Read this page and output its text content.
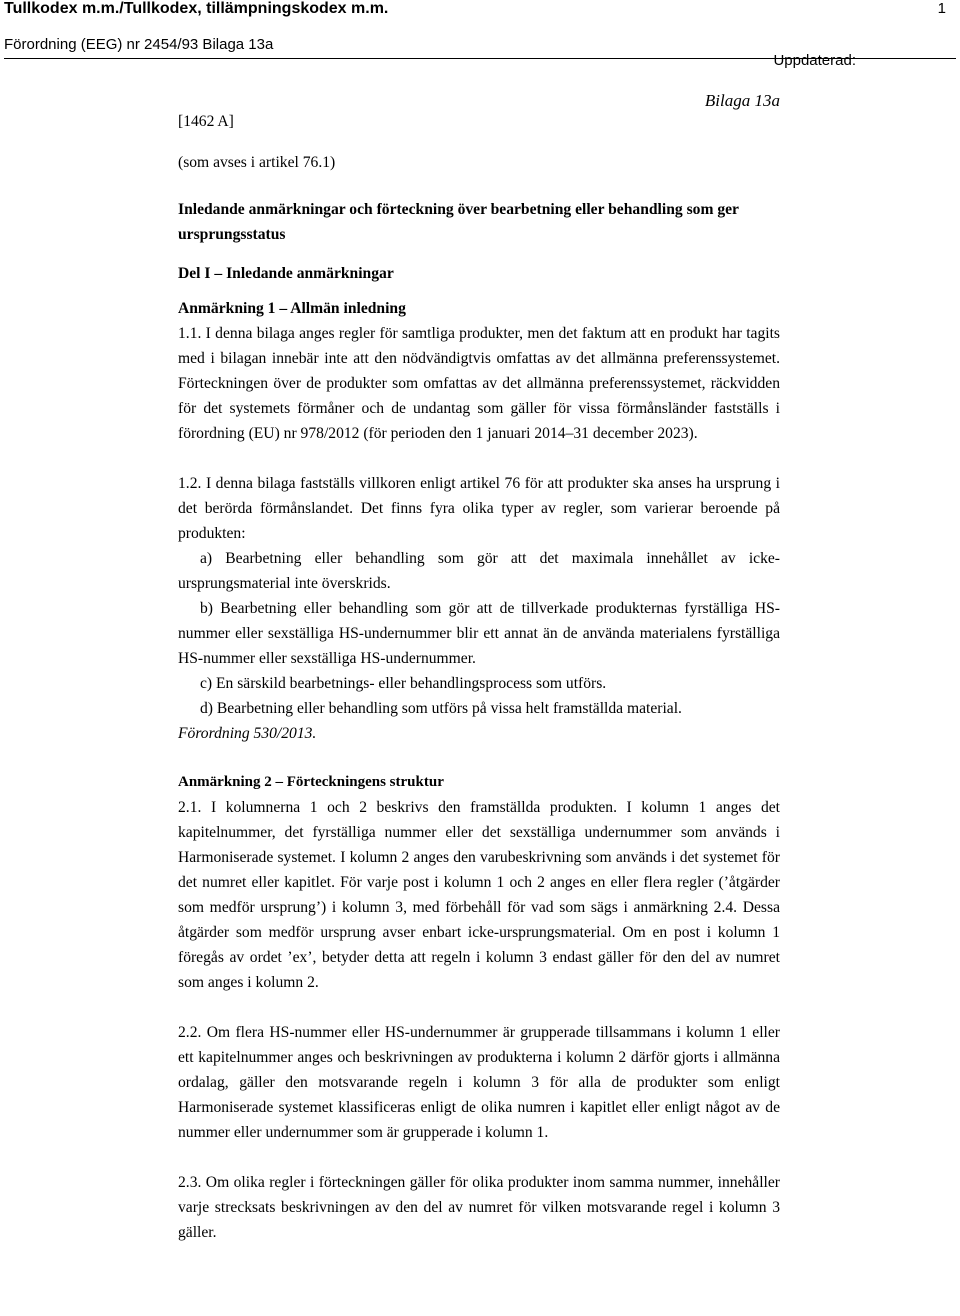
Tullkodex m.m./Tullkodex, tillämpningskodex m.m.	1
Förordning (EEG) nr 2454/93 Bilaga 13a
Uppdaterad:

Bilaga 13a

[1462 A]

(som avses i artikel 76.1)

Inledande anmärkningar och förteckning över bearbetning eller behandling som ger ursprungsstatus

Del I – Inledande anmärkningar

Anmärkning 1 – Allmän inledning

1.1. I denna bilaga anges regler för samtliga produkter, men det faktum att en produkt har tagits med i bilagan innebär inte att den nödvändigtvis omfattas av det allmänna preferenssystemet. Förteckningen över de produkter som omfattas av det allmänna preferenssystemet, räckvidden för det systemets förmåner och de undantag som gäller för vissa förmånsländer fastställs i förordning (EU) nr 978/2012 (för perioden den 1 januari 2014–31 december 2023).

1.2. I denna bilaga fastställs villkoren enligt artikel 76 för att produkter ska anses ha ursprung i det berörda förmånslandet. Det finns fyra olika typer av regler, som varierar beroende på produkten:

a) Bearbetning eller behandling som gör att det maximala innehållet av icke-ursprungsmaterial inte överskrids.

b) Bearbetning eller behandling som gör att de tillverkade produkternas fyrställiga HS-nummer eller sexställiga HS-undernummer blir ett annat än de använda materialens fyrställiga HS-nummer eller sexställiga HS-undernummer.

c) En särskild bearbetnings- eller behandlingsprocess som utförs.

d) Bearbetning eller behandling som utförs på vissa helt framställda material.

Förordning 530/2013.

Anmärkning 2 – Förteckningens struktur

2.1. I kolumnerna 1 och 2 beskrivs den framställda produkten. I kolumn 1 anges det kapitelnummer, det fyrställiga nummer eller det sexställiga undernummer som används i Harmoniserade systemet. I kolumn 2 anges den varubeskrivning som används i det systemet för det numret eller kapitlet. För varje post i kolumn 1 och 2 anges en eller flera regler (’åtgärder som medför ursprung’) i kolumn 3, med förbehåll för vad som sägs i anmärkning 2.4. Dessa åtgärder som medför ursprung avser enbart icke-ursprungsmaterial. Om en post i kolumn 1 föregås av ordet ’ex’, betyder detta att regeln i kolumn 3 endast gäller för den del av numret som anges i kolumn 2.

2.2. Om flera HS-nummer eller HS-undernummer är grupperade tillsammans i kolumn 1 eller ett kapitelnummer anges och beskrivningen av produkterna i kolumn 2 därför gjorts i allmänna ordalag, gäller den motsvarande regeln i kolumn 3 för alla de produkter som enligt Harmoniserade systemet klassificeras enligt de olika numren i kapitlet eller enligt något av de nummer eller undernummer som är grupperade i kolumn 1.

2.3. Om olika regler i förteckningen gäller för olika produkter inom samma nummer, innehåller varje strecksats beskrivningen av den del av numret för vilken motsvarande regel i kolumn 3 gäller.
